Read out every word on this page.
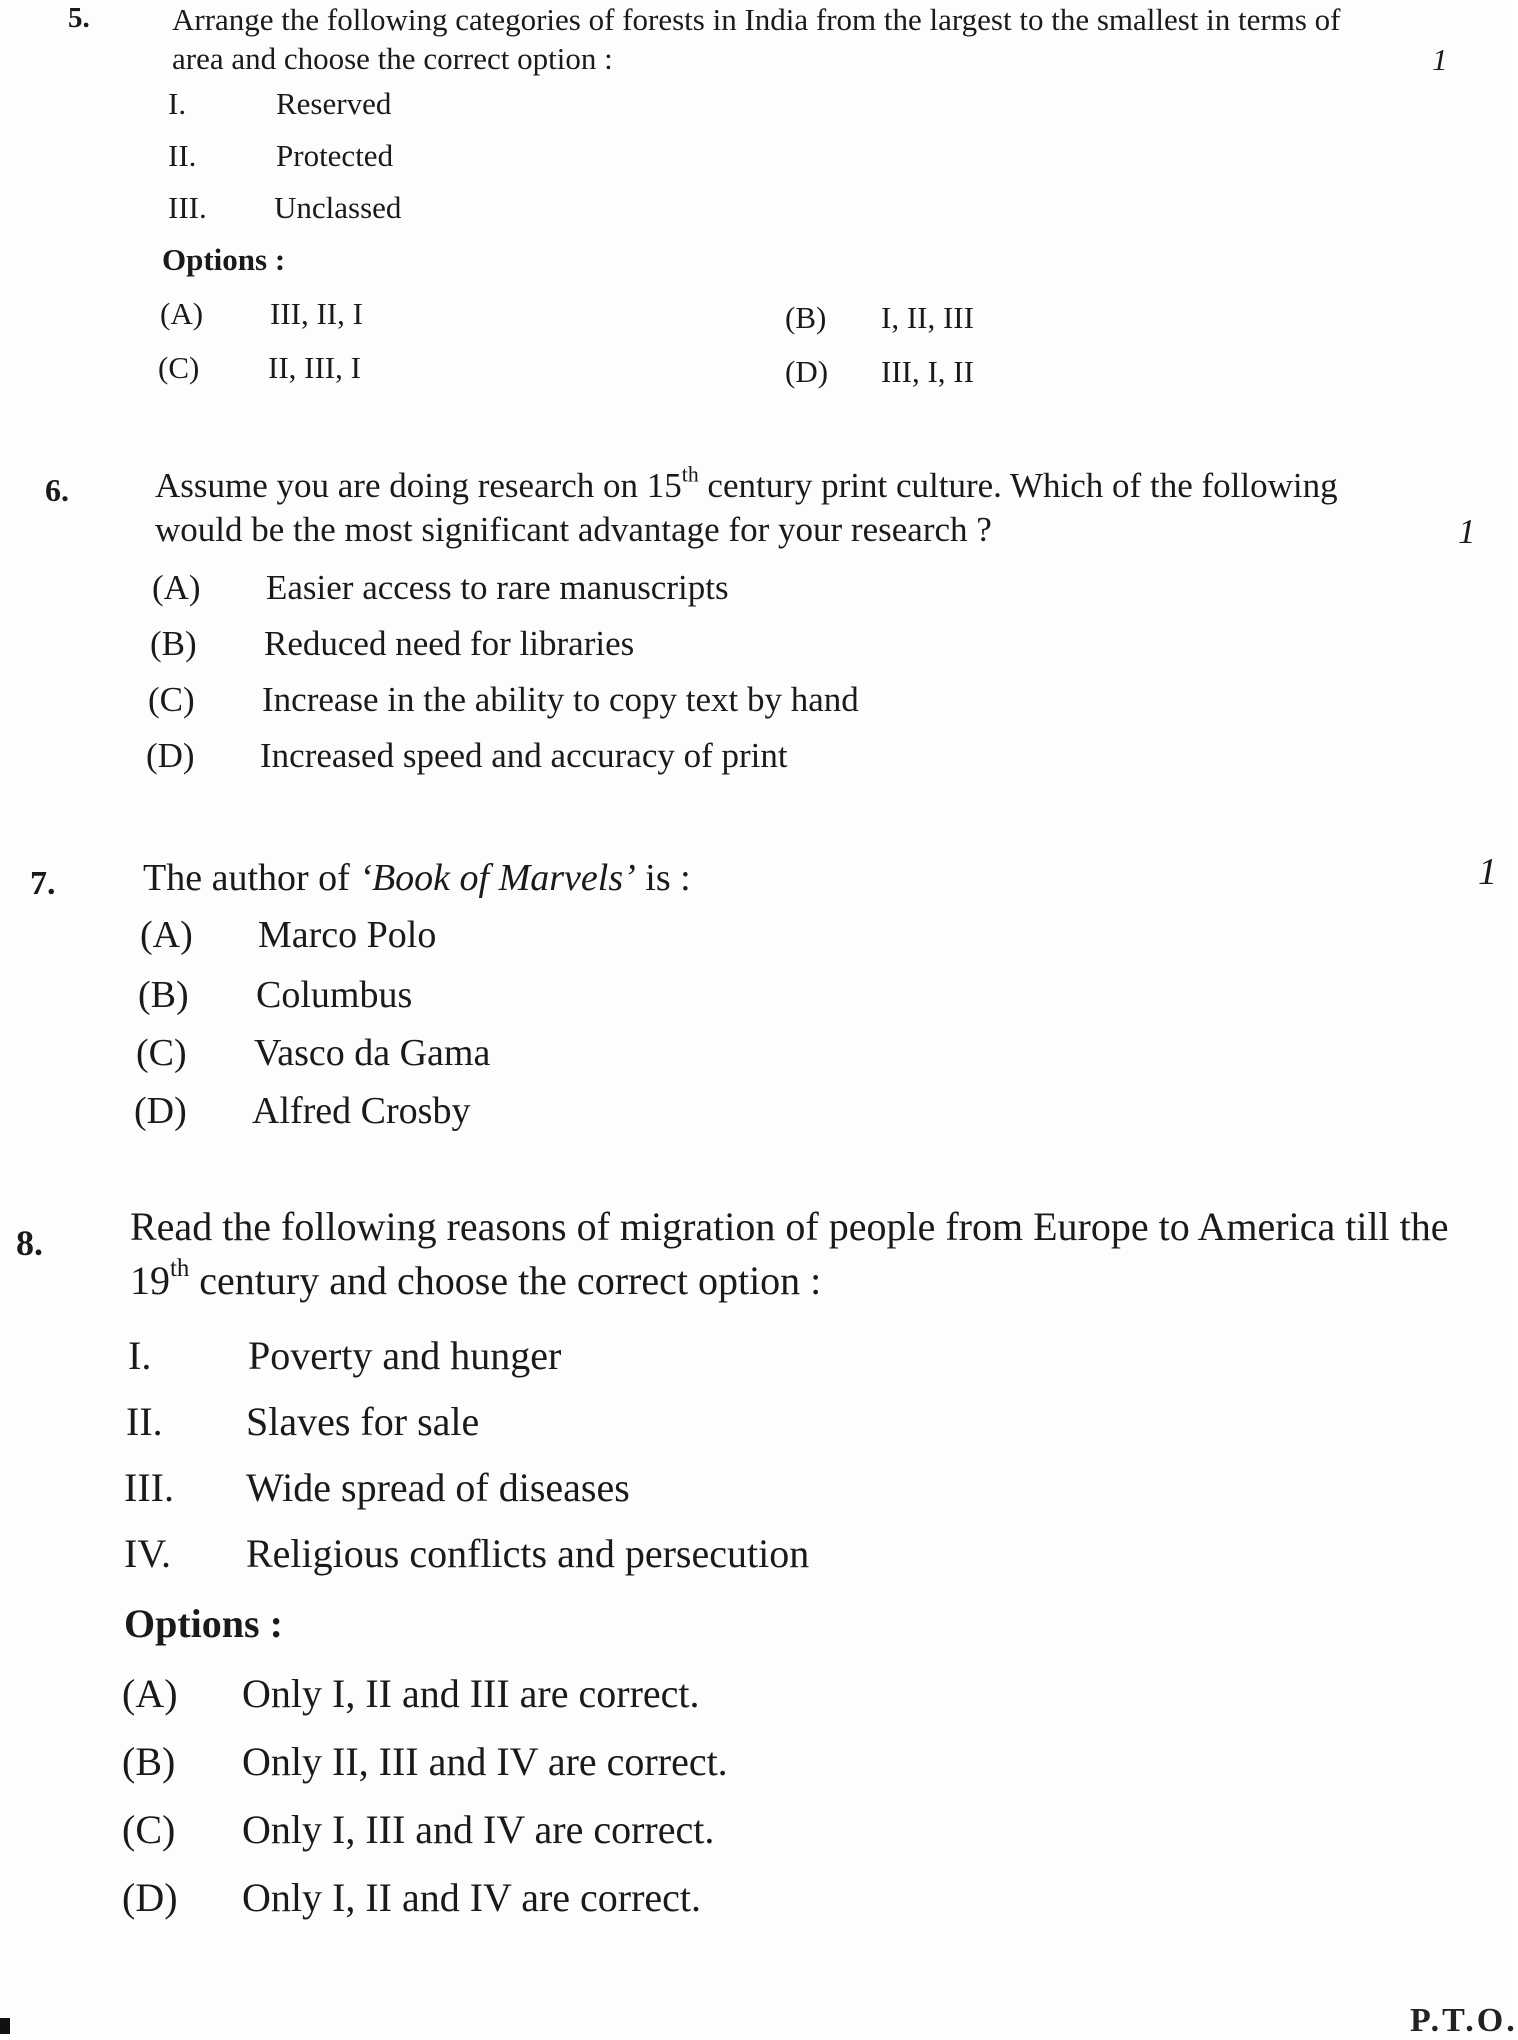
5.	Arrange the following categories of forests in India from the largest to the smallest in terms of area and choose the correct option :	1
I.	Reserved
II.	Protected
III. Unclassed
Options :
(A) III, II, I	(B) I, II, III
(C) II, III, I	(D) III, I, II
6. Assume you are doing research on 15th century print culture. Which of the following would be the most significant advantage for your research ?	1
(A) Easier access to rare manuscripts
(B) Reduced need for libraries
(C) Increase in the ability to copy text by hand
(D) Increased speed and accuracy of print
7. The author of ‘Book of Marvels’ is :	1
(A) Marco Polo
(B) Columbus
(C) Vasco da Gama
(D) Alfred Crosby
8. Read the following reasons of migration of people from Europe to America till the 19th century and choose the correct option :
I. Poverty and hunger
II. Slaves for sale
III. Wide spread of diseases
IV. Religious conflicts and persecution
Options :
(A) Only I, II and III are correct.
(B) Only II, III and IV are correct.
(C) Only I, III and IV are correct.
(D) Only I, II and IV are correct.
P.T.O.
